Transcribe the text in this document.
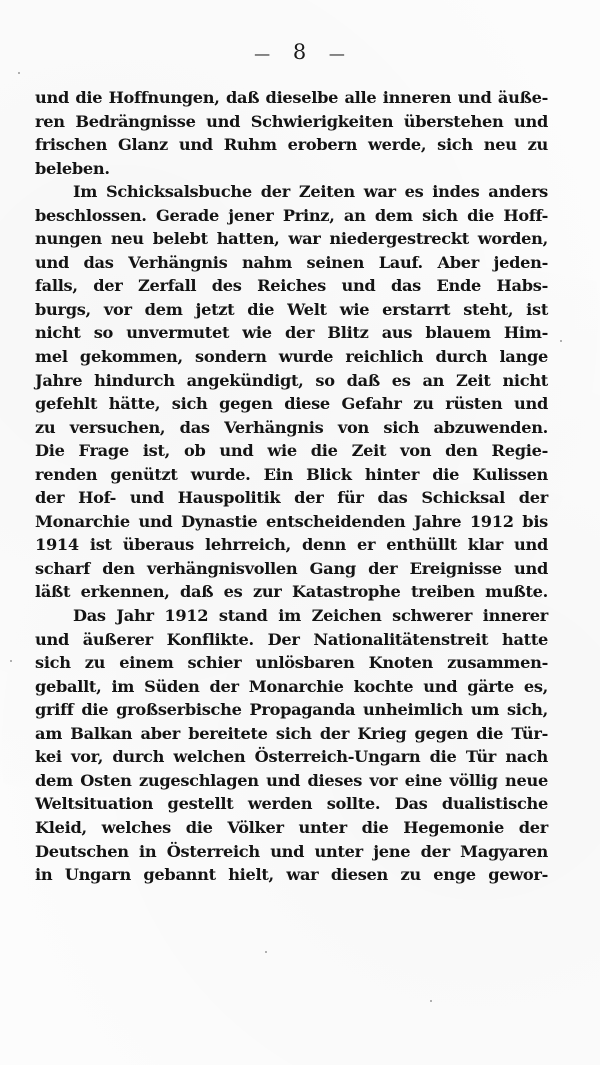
— 8 —
und die Hoffnungen, daß dieselbe alle inneren und äuße-
ren Bedrängnisse und Schwierigkeiten überstehen und
frischen Glanz und Ruhm erobern werde, sich neu zu
beleben.
Im Schicksalsbuche der Zeiten war es indes anders
beschlossen. Gerade jener Prinz, an dem sich die Hoff-
nungen neu belebt hatten, war niedergestreckt worden,
und das Verhängnis nahm seinen Lauf. Aber jeden-
falls, der Zerfall des Reiches und das Ende Habs-
burgs, vor dem jetzt die Welt wie erstarrt steht, ist
nicht so unvermutet wie der Blitz aus blauem Him-
mel gekommen, sondern wurde reichlich durch lange
Jahre hindurch angekündigt, so daß es an Zeit nicht
gefehlt hätte, sich gegen diese Gefahr zu rüsten und
zu versuchen, das Verhängnis von sich abzuwenden.
Die Frage ist, ob und wie die Zeit von den Regie-
renden genützt wurde. Ein Blick hinter die Kulissen
der Hof- und Hauspolitik der für das Schicksal der
Monarchie und Dynastie entscheidenden Jahre 1912 bis
1914 ist überaus lehrreich, denn er enthüllt klar und
scharf den verhängnisvollen Gang der Ereignisse und
läßt erkennen, daß es zur Katastrophe treiben mußte.
Das Jahr 1912 stand im Zeichen schwerer innerer
und äußerer Konflikte. Der Nationalitätenstreit hatte
sich zu einem schier unlösbaren Knoten zusammen-
geballt, im Süden der Monarchie kochte und gärte es,
griff die großserbische Propaganda unheimlich um sich,
am Balkan aber bereitete sich der Krieg gegen die Tür-
kei vor, durch welchen Österreich-Ungarn die Tür nach
dem Osten zugeschlagen und dieses vor eine völlig neue
Weltsituation gestellt werden sollte. Das dualistische
Kleid, welches die Völker unter die Hegemonie der
Deutschen in Österreich und unter jene der Magyaren
in Ungarn gebannt hielt, war diesen zu enge gewor-
